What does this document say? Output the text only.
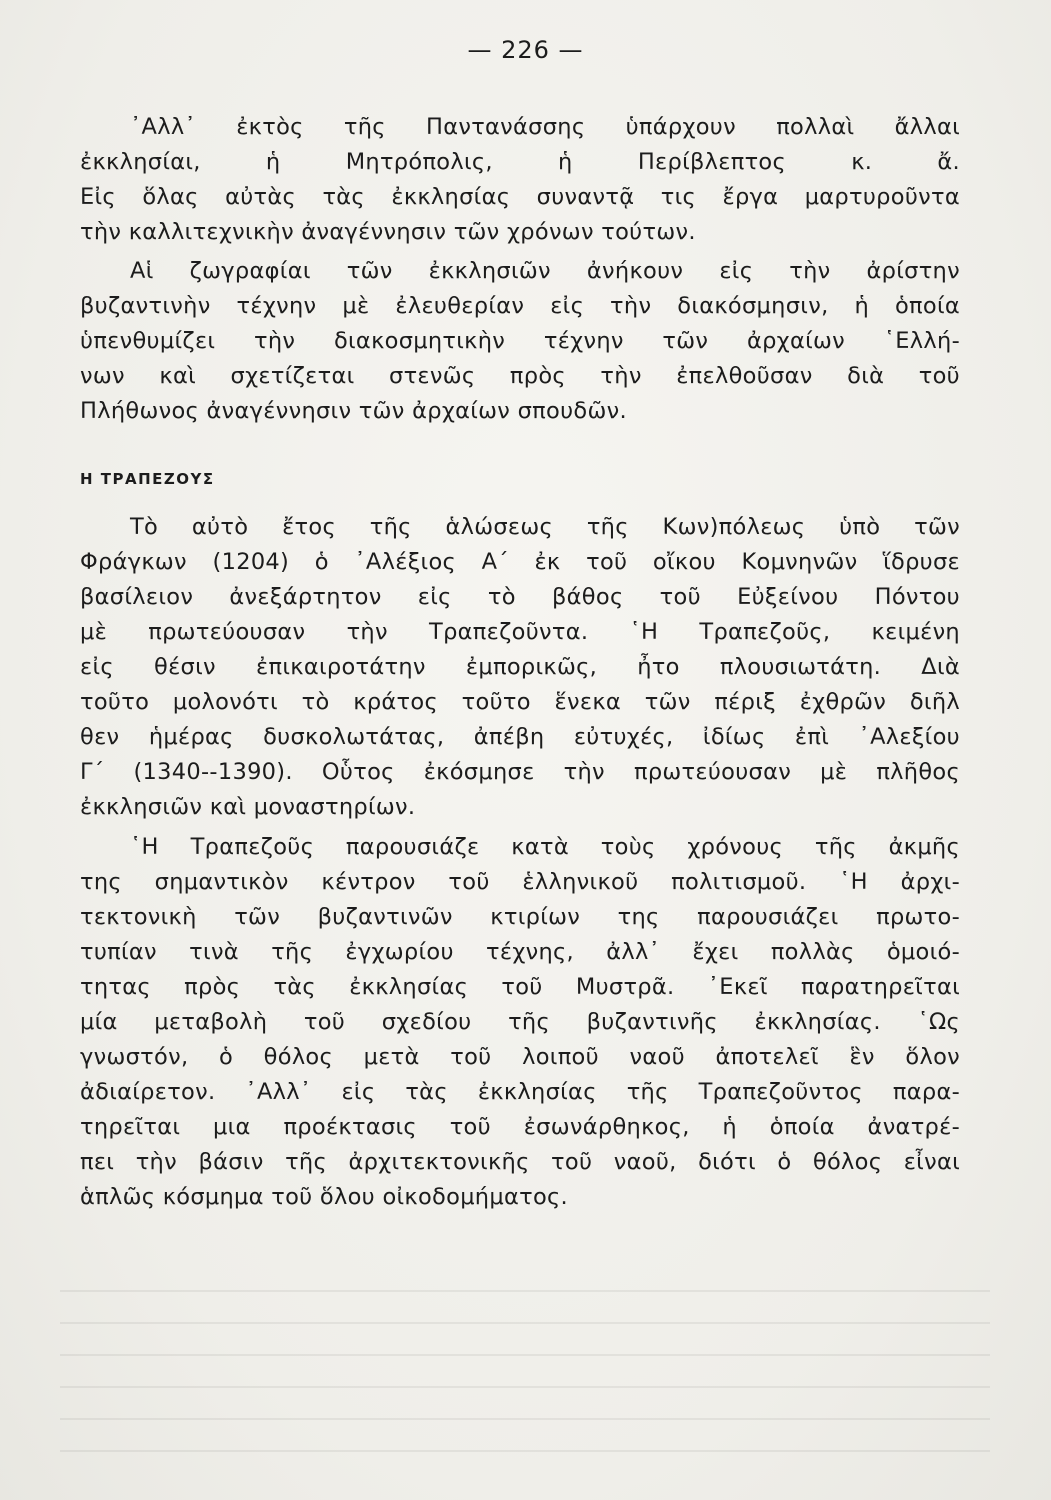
— 226 —
᾿Αλλ᾿ ἐκτὸς τῆς Παντανάσσης ὑπάρχουν πολλαὶ ἄλλαι
ἐκκλησίαι, ἡ Μητρόπολις, ἡ Περίβλεπτος κ. ἄ.
Εἰς ὅλας αὐτὰς τὰς ἐκκλησίας συναντᾷ τις ἔργα μαρτυροῦντα
τὴν καλλιτεχνικὴν ἀναγέννησιν τῶν χρόνων τούτων.
Αἱ ζωγραφίαι τῶν ἐκκλησιῶν ἀνήκουν εἰς τὴν ἀρίστην
βυζαντινὴν τέχνην μὲ ἐλευθερίαν εἰς τὴν διακόσμησιν, ἡ ὁποία
ὑπενθυμίζει τὴν διακοσμητικὴν τέχνην τῶν ἀρχαίων ῾Ελλή-
νων καὶ σχετίζεται στενῶς πρὸς τὴν ἐπελθοῦσαν διὰ τοῦ
Πλήθωνος ἀναγέννησιν τῶν ἀρχαίων σπουδῶν.
Η ΤΡΑΠΕΖΟΥΣ
Τὸ αὐτὸ ἔτος τῆς ἁλώσεως τῆς Κων)πόλεως ὑπὸ τῶν
Φράγκων (1204) ὁ ᾿Αλέξιος Α΄ ἐκ τοῦ οἴκου Κομνηνῶν ἵδρυσε
βασίλειον ἀνεξάρτητον εἰς τὸ βάθος τοῦ Εὐξείνου Πόντου
μὲ πρωτεύουσαν τὴν Τραπεζοῦντα. ῾Η Τραπεζοῦς, κειμένη
εἰς θέσιν ἐπικαιροτάτην ἐμπορικῶς, ἦτο πλουσιωτάτη. Διὰ
τοῦτο μολονότι τὸ κράτος τοῦτο ἕνεκα τῶν πέριξ ἐχθρῶν διῆλ
θεν ἡμέρας δυσκολωτάτας, ἀπέβη εὐτυχές, ἰδίως ἐπὶ ᾿Αλεξίου
Γ΄ (1340--1390). Οὗτος ἐκόσμησε τὴν πρωτεύουσαν μὲ πλῆθος
ἐκκλησιῶν καὶ μοναστηρίων.
῾Η Τραπεζοῦς παρουσιάζε κατὰ τοὺς χρόνους τῆς ἀκμῆς
της σημαντικὸν κέντρον τοῦ ἑλληνικοῦ πολιτισμοῦ. ῾Η ἀρχι-
τεκτονικὴ τῶν βυζαντινῶν κτιρίων της παρουσιάζει πρωτο-
τυπίαν τινὰ τῆς ἐγχωρίου τέχνης, ἀλλ᾿ ἔχει πολλὰς ὁμοιό-
τητας πρὸς τὰς ἐκκλησίας τοῦ Μυστρᾶ. ᾿Εκεῖ παρατηρεῖται
μία μεταβολὴ τοῦ σχεδίου τῆς βυζαντινῆς ἐκκλησίας. ῾Ως
γνωστόν, ὁ θόλος μετὰ τοῦ λοιποῦ ναοῦ ἀποτελεῖ ἓν ὅλον
ἀδιαίρετον. ᾿Αλλ᾿ εἰς τὰς ἐκκλησίας τῆς Τραπεζοῦντος παρα-
τηρεῖται μια προέκτασις τοῦ ἐσωνάρθηκος, ἡ ὁποία ἀνατρέ-
πει τὴν βάσιν τῆς ἀρχιτεκτονικῆς τοῦ ναοῦ, διότι ὁ θόλος εἶναι
ἁπλῶς κόσμημα τοῦ ὅλου οἰκοδομήματος.
